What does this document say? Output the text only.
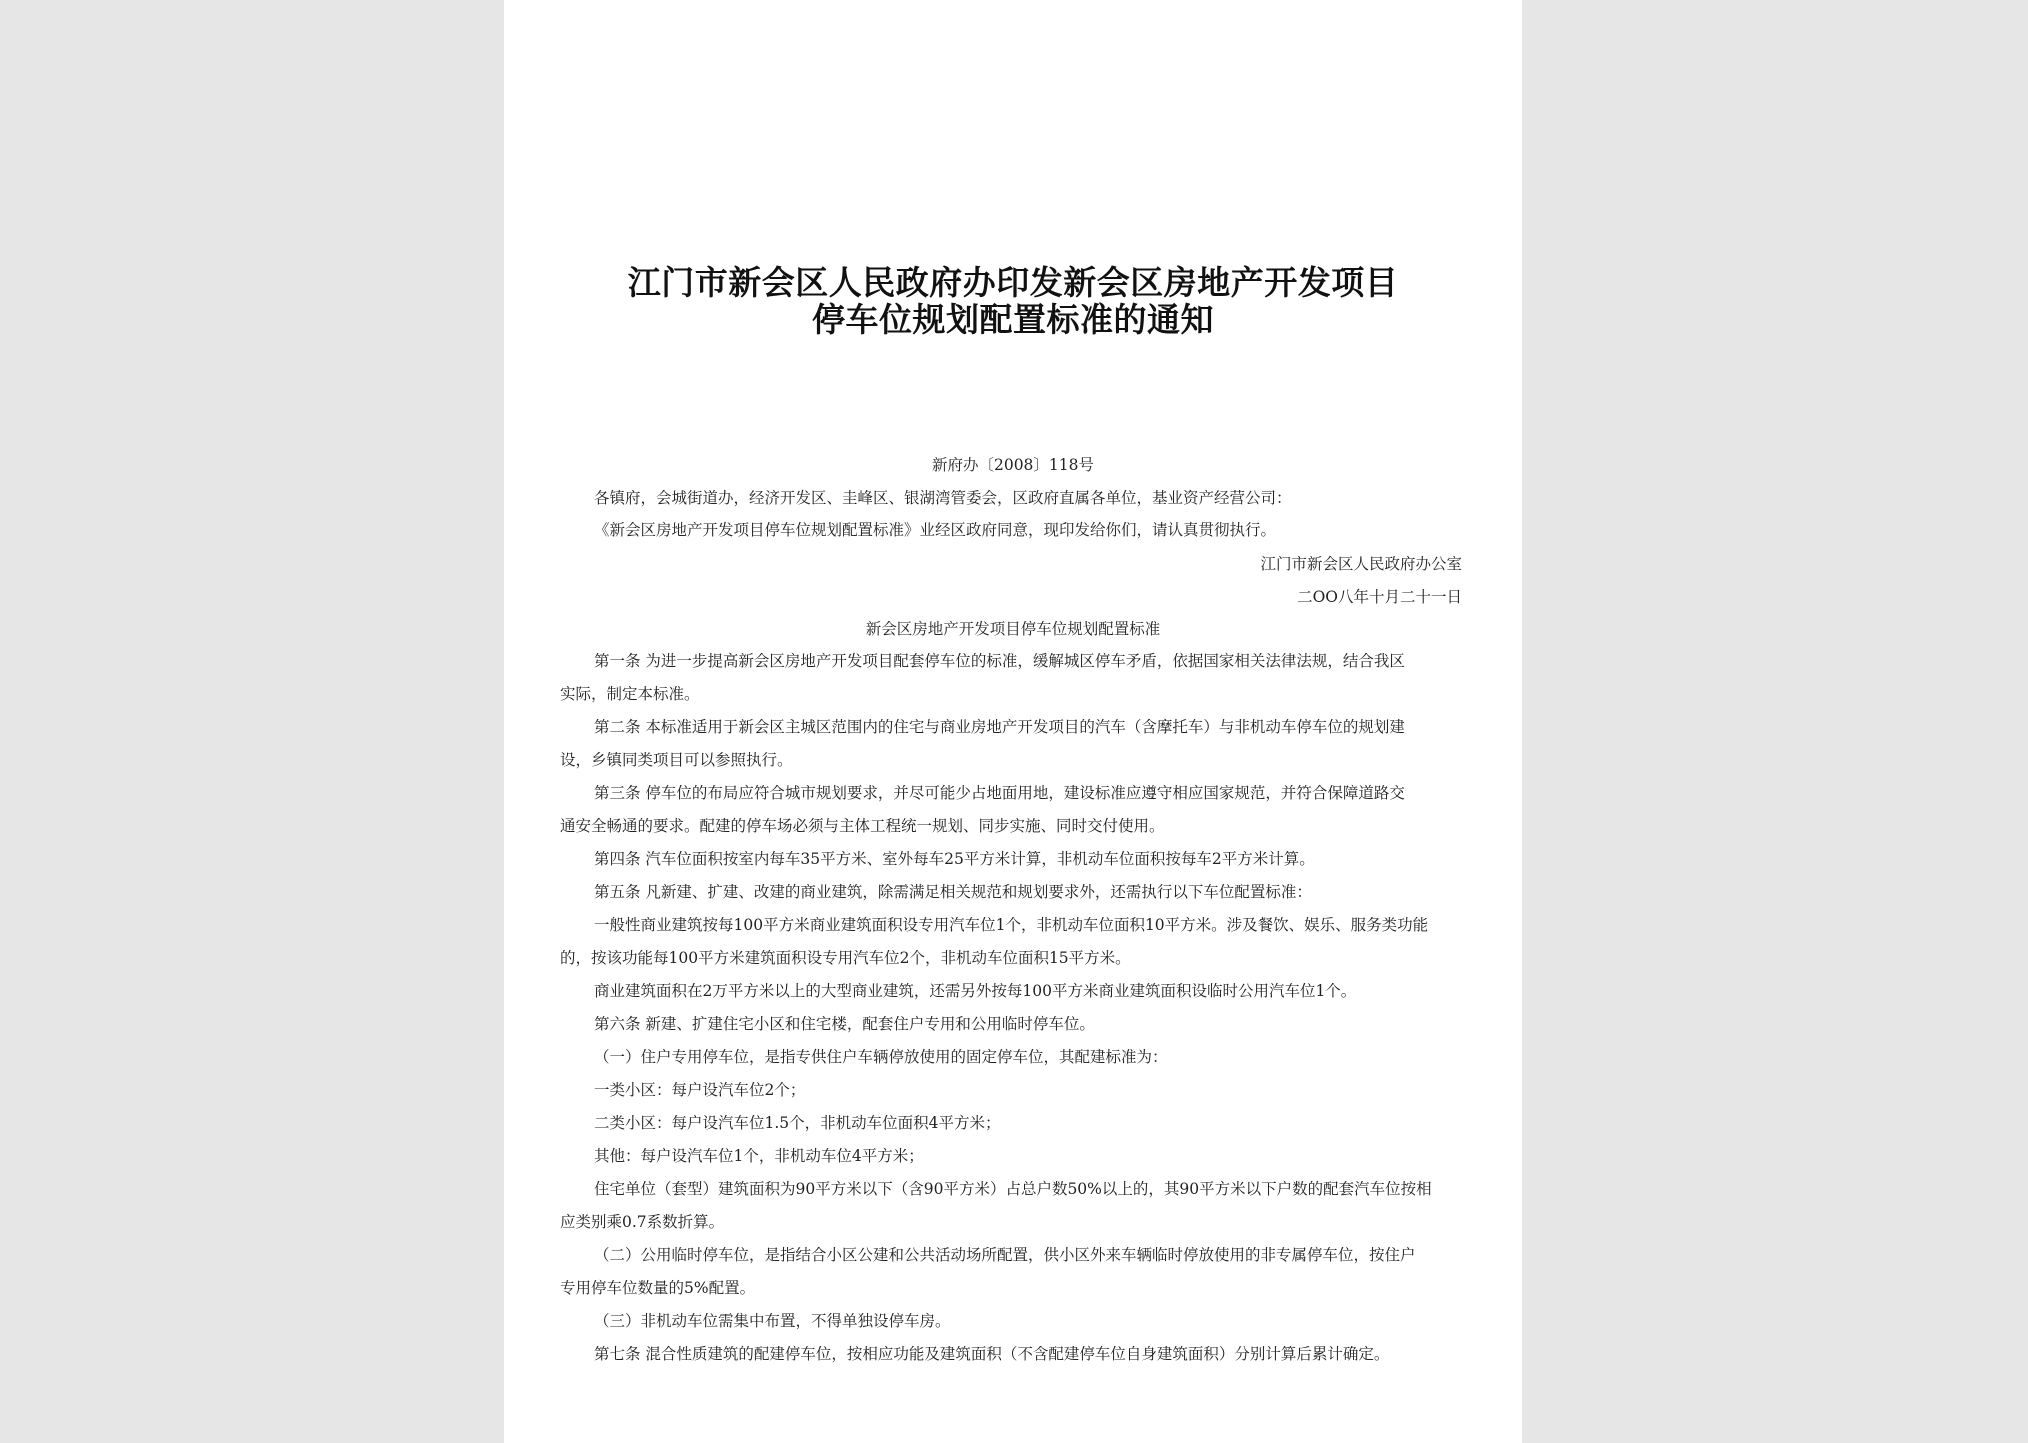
江门市新会区人民政府办印发新会区房地产开发项目
停车位规划配置标准的通知
新府办〔2008〕118号
各镇府，会城街道办，经济开发区、圭峰区、银湖湾管委会，区政府直属各单位，基业资产经营公司：
《新会区房地产开发项目停车位规划配置标准》业经区政府同意，现印发给你们，请认真贯彻执行。
江门市新会区人民政府办公室
二ОО八年十月二十一日
新会区房地产开发项目停车位规划配置标准
第一条 为进一步提高新会区房地产开发项目配套停车位的标准，缓解城区停车矛盾，依据国家相关法律法规，结合我区
实际，制定本标准。
第二条 本标准适用于新会区主城区范围内的住宅与商业房地产开发项目的汽车（含摩托车）与非机动车停车位的规划建
设，乡镇同类项目可以参照执行。
第三条 停车位的布局应符合城市规划要求，并尽可能少占地面用地，建设标准应遵守相应国家规范，并符合保障道路交
通安全畅通的要求。配建的停车场必须与主体工程统一规划、同步实施、同时交付使用。
第四条 汽车位面积按室内每车35平方米、室外每车25平方米计算，非机动车位面积按每车2平方米计算。
第五条 凡新建、扩建、改建的商业建筑，除需满足相关规范和规划要求外，还需执行以下车位配置标准：
一般性商业建筑按每100平方米商业建筑面积设专用汽车位1个，非机动车位面积10平方米。涉及餐饮、娱乐、服务类功能
的，按该功能每100平方米建筑面积设专用汽车位2个，非机动车位面积15平方米。
商业建筑面积在2万平方米以上的大型商业建筑，还需另外按每100平方米商业建筑面积设临时公用汽车位1个。
第六条 新建、扩建住宅小区和住宅楼，配套住户专用和公用临时停车位。
（一）住户专用停车位，是指专供住户车辆停放使用的固定停车位，其配建标准为：
一类小区：每户设汽车位2个；
二类小区：每户设汽车位1.5个，非机动车位面积4平方米；
其他：每户设汽车位1个，非机动车位4平方米；
住宅单位（套型）建筑面积为90平方米以下（含90平方米）占总户数50%以上的，其90平方米以下户数的配套汽车位按相
应类别乘0.7系数折算。
（二）公用临时停车位，是指结合小区公建和公共活动场所配置，供小区外来车辆临时停放使用的非专属停车位，按住户
专用停车位数量的5%配置。
（三）非机动车位需集中布置，不得单独设停车房。
第七条 混合性质建筑的配建停车位，按相应功能及建筑面积（不含配建停车位自身建筑面积）分别计算后累计确定。
